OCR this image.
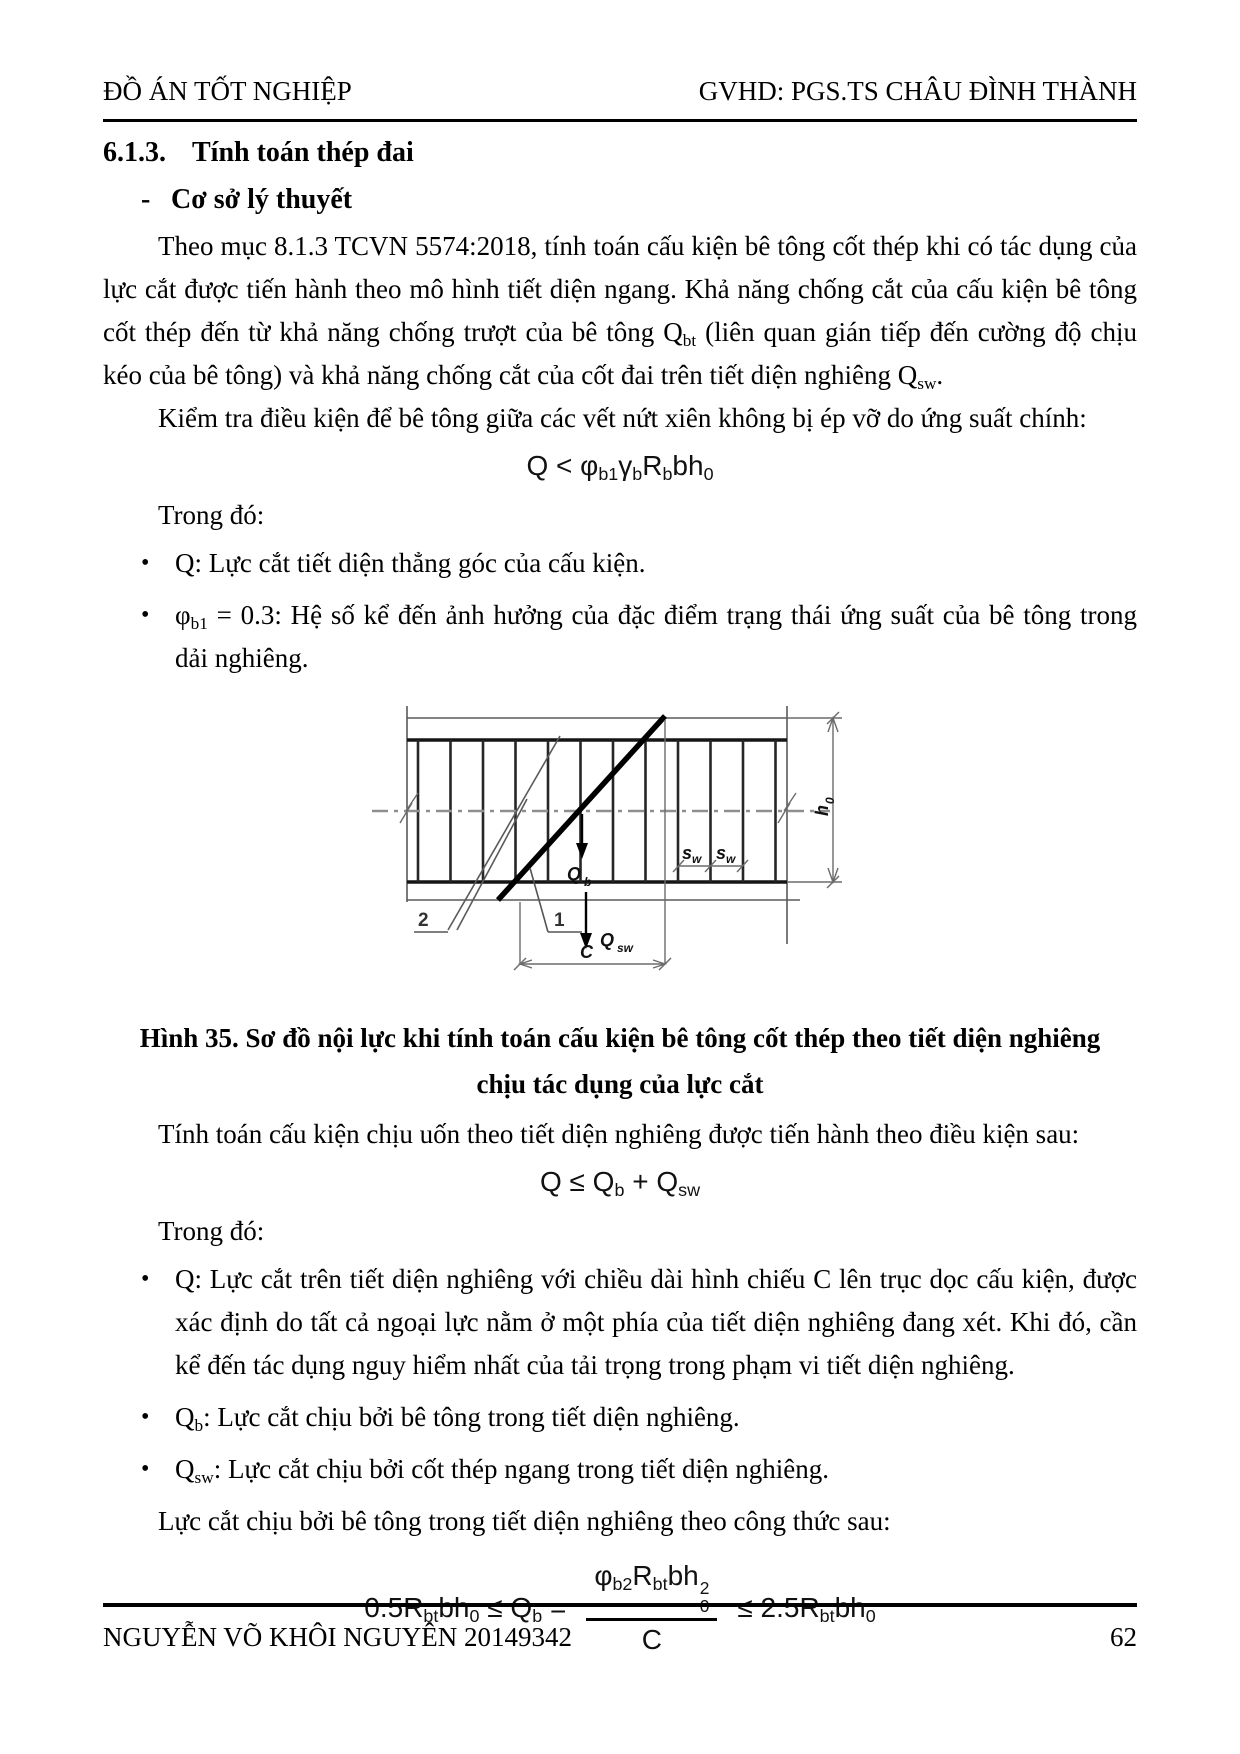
ĐỒ ÁN TỐT NGHIỆP	GVHD: PGS.TS CHÂU ĐÌNH THÀNH
6.1.3. Tính toán thép đai
- Cơ sở lý thuyết

Theo mục 8.1.3 TCVN 5574:2018, tính toán cấu kiện bê tông cốt thép khi có tác dụng của lực cắt được tiến hành theo mô hình tiết diện ngang. Khả năng chống cắt của cấu kiện bê tông cốt thép đến từ khả năng chống trượt của bê tông $Q_{bt}$ (liên quan gián tiếp đến cường độ chịu kéo của bê tông) và khả năng chống cắt của cốt đai trên tiết diện nghiêng $Q_{sw}$.

Kiểm tra điều kiện để bê tông giữa các vết nứt xiên không bị ép vỡ do ứng suất chính:

$Q < \varphi_{b1}\gamma_bR_bbh_0$

Trong đó:

• Q: Lực cắt tiết diện thẳng góc của cấu kiện.
• $\varphi_{b1} = 0.3$: Hệ số kể đến ảnh hưởng của đặc điểm trạng thái ứng suất của bê tông trong dải nghiêng.
2	1
Q b
Q sw
s w s w
C
h
0
Hình 35. Sơ đồ nội lực khi tính toán cấu kiện bê tông cốt thép theo tiết diện nghiêng
chịu tác dụng của lực cắt

Tính toán cấu kiện chịu uốn theo tiết diện nghiêng được tiến hành theo điều kiện sau:

$Q \le Q_b + Q_{sw}$

Trong đó:

• Q: Lực cắt trên tiết diện nghiêng với chiều dài hình chiếu C lên trục dọc cấu kiện, được xác định do tất cả ngoại lực nằm ở một phía của tiết diện nghiêng đang xét. Khi đó, cần kể đến tác dụng nguy hiểm nhất của tải trọng trong phạm vi tiết diện nghiêng.
• $Q_b$: Lực cắt chịu bởi bê tông trong tiết diện nghiêng.
• $Q_{sw}$: Lực cắt chịu bởi cốt thép ngang trong tiết diện nghiêng.

Lực cắt chịu bởi bê tông trong tiết diện nghiêng theo công thức sau:

$0.5R_{bt}bh_0 \le Q_b = \varphi_{b2}R_{bt}bh$ 2
0
$C \le 2.5R_{bt}bh_0$
NGUYỄN VÕ KHÔI NGUYÊN 20149342	62
